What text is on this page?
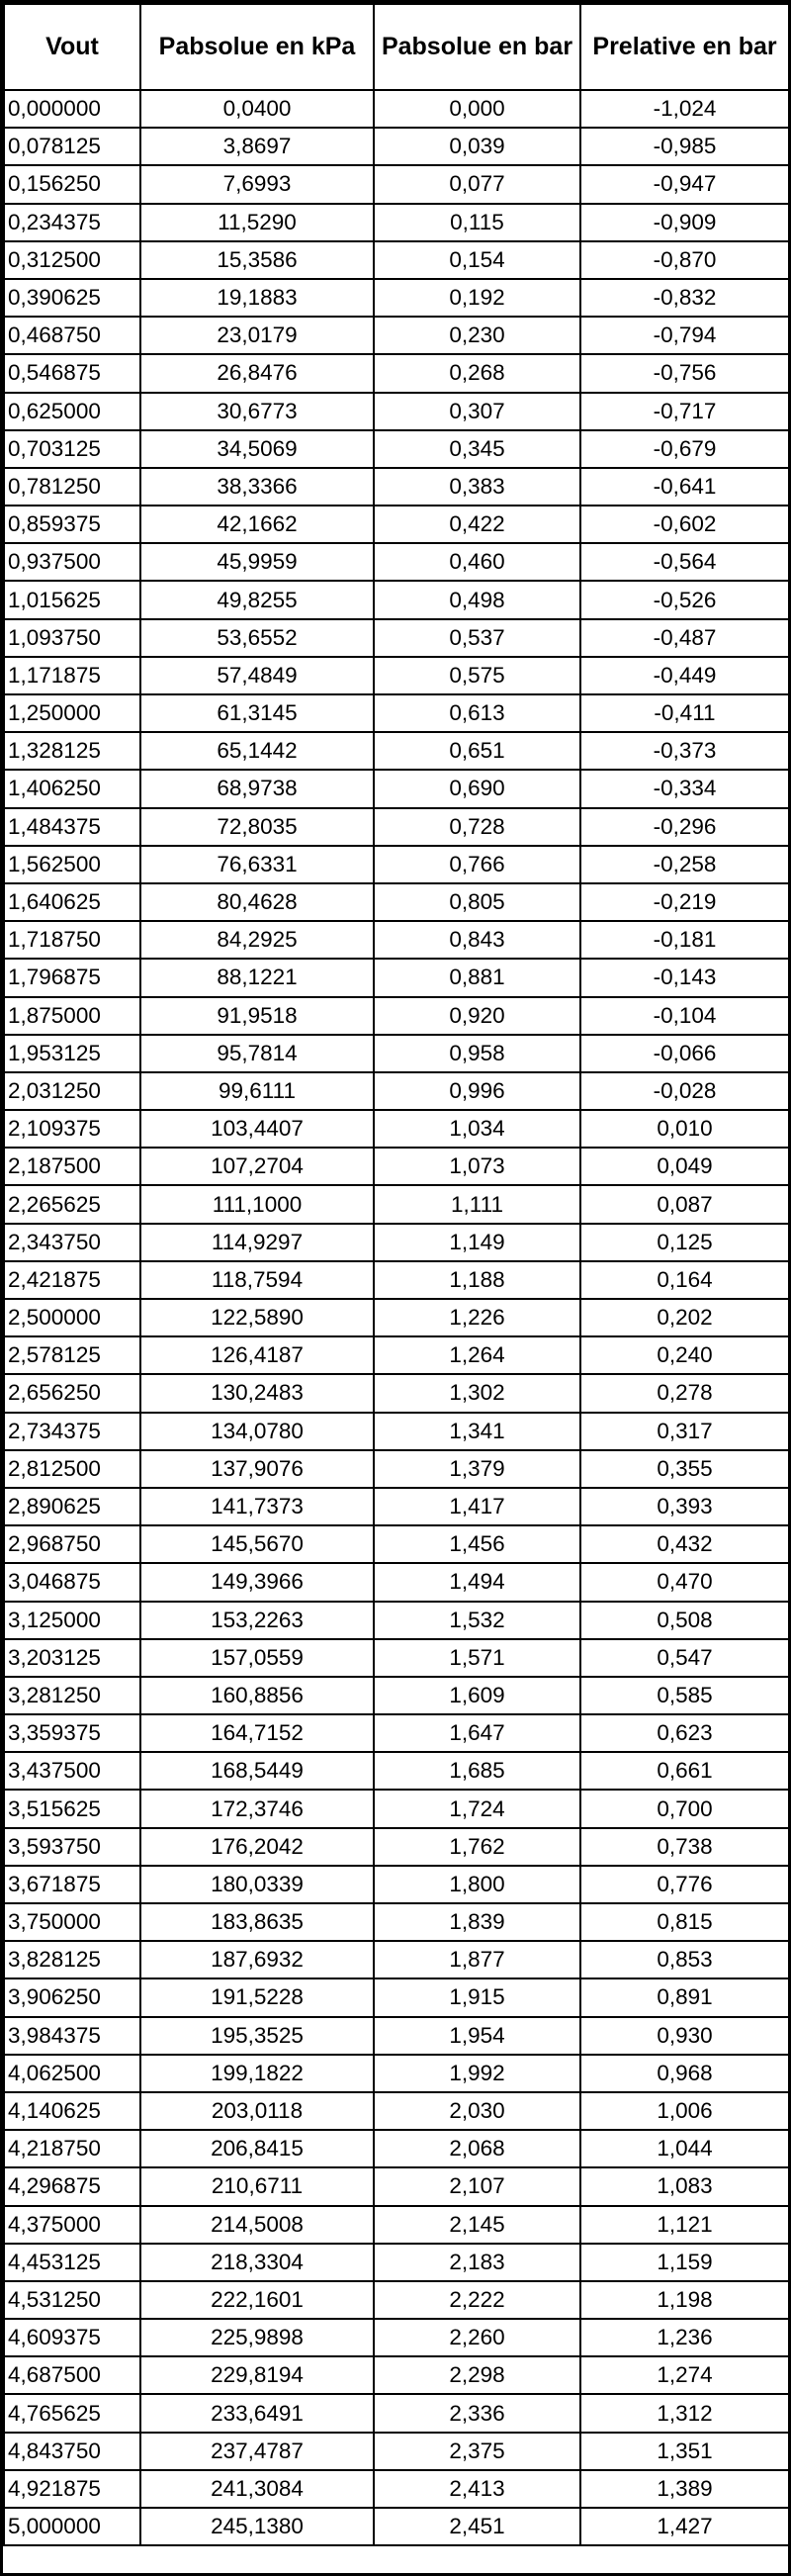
Vout	Pabsolue en kPa	Pabsolue en bar	Prelative en bar
0,000000	0,0400	0,000	-1,024
0,078125	3,8697	0,039	-0,985
0,156250	7,6993	0,077	-0,947
0,234375	11,5290	0,115	-0,909
0,312500	15,3586	0,154	-0,870
0,390625	19,1883	0,192	-0,832
0,468750	23,0179	0,230	-0,794
0,546875	26,8476	0,268	-0,756
0,625000	30,6773	0,307	-0,717
0,703125	34,5069	0,345	-0,679
0,781250	38,3366	0,383	-0,641
0,859375	42,1662	0,422	-0,602
0,937500	45,9959	0,460	-0,564
1,015625	49,8255	0,498	-0,526
1,093750	53,6552	0,537	-0,487
1,171875	57,4849	0,575	-0,449
1,250000	61,3145	0,613	-0,411
1,328125	65,1442	0,651	-0,373
1,406250	68,9738	0,690	-0,334
1,484375	72,8035	0,728	-0,296
1,562500	76,6331	0,766	-0,258
1,640625	80,4628	0,805	-0,219
1,718750	84,2925	0,843	-0,181
1,796875	88,1221	0,881	-0,143
1,875000	91,9518	0,920	-0,104
1,953125	95,7814	0,958	-0,066
2,031250	99,6111	0,996	-0,028
2,109375	103,4407	1,034	0,010
2,187500	107,2704	1,073	0,049
2,265625	111,1000	1,111	0,087
2,343750	114,9297	1,149	0,125
2,421875	118,7594	1,188	0,164
2,500000	122,5890	1,226	0,202
2,578125	126,4187	1,264	0,240
2,656250	130,2483	1,302	0,278
2,734375	134,0780	1,341	0,317
2,812500	137,9076	1,379	0,355
2,890625	141,7373	1,417	0,393
2,968750	145,5670	1,456	0,432
3,046875	149,3966	1,494	0,470
3,125000	153,2263	1,532	0,508
3,203125	157,0559	1,571	0,547
3,281250	160,8856	1,609	0,585
3,359375	164,7152	1,647	0,623
3,437500	168,5449	1,685	0,661
3,515625	172,3746	1,724	0,700
3,593750	176,2042	1,762	0,738
3,671875	180,0339	1,800	0,776
3,750000	183,8635	1,839	0,815
3,828125	187,6932	1,877	0,853
3,906250	191,5228	1,915	0,891
3,984375	195,3525	1,954	0,930
4,062500	199,1822	1,992	0,968
4,140625	203,0118	2,030	1,006
4,218750	206,8415	2,068	1,044
4,296875	210,6711	2,107	1,083
4,375000	214,5008	2,145	1,121
4,453125	218,3304	2,183	1,159
4,531250	222,1601	2,222	1,198
4,609375	225,9898	2,260	1,236
4,687500	229,8194	2,298	1,274
4,765625	233,6491	2,336	1,312
4,843750	237,4787	2,375	1,351
4,921875	241,3084	2,413	1,389
5,000000	245,1380	2,451	1,427
